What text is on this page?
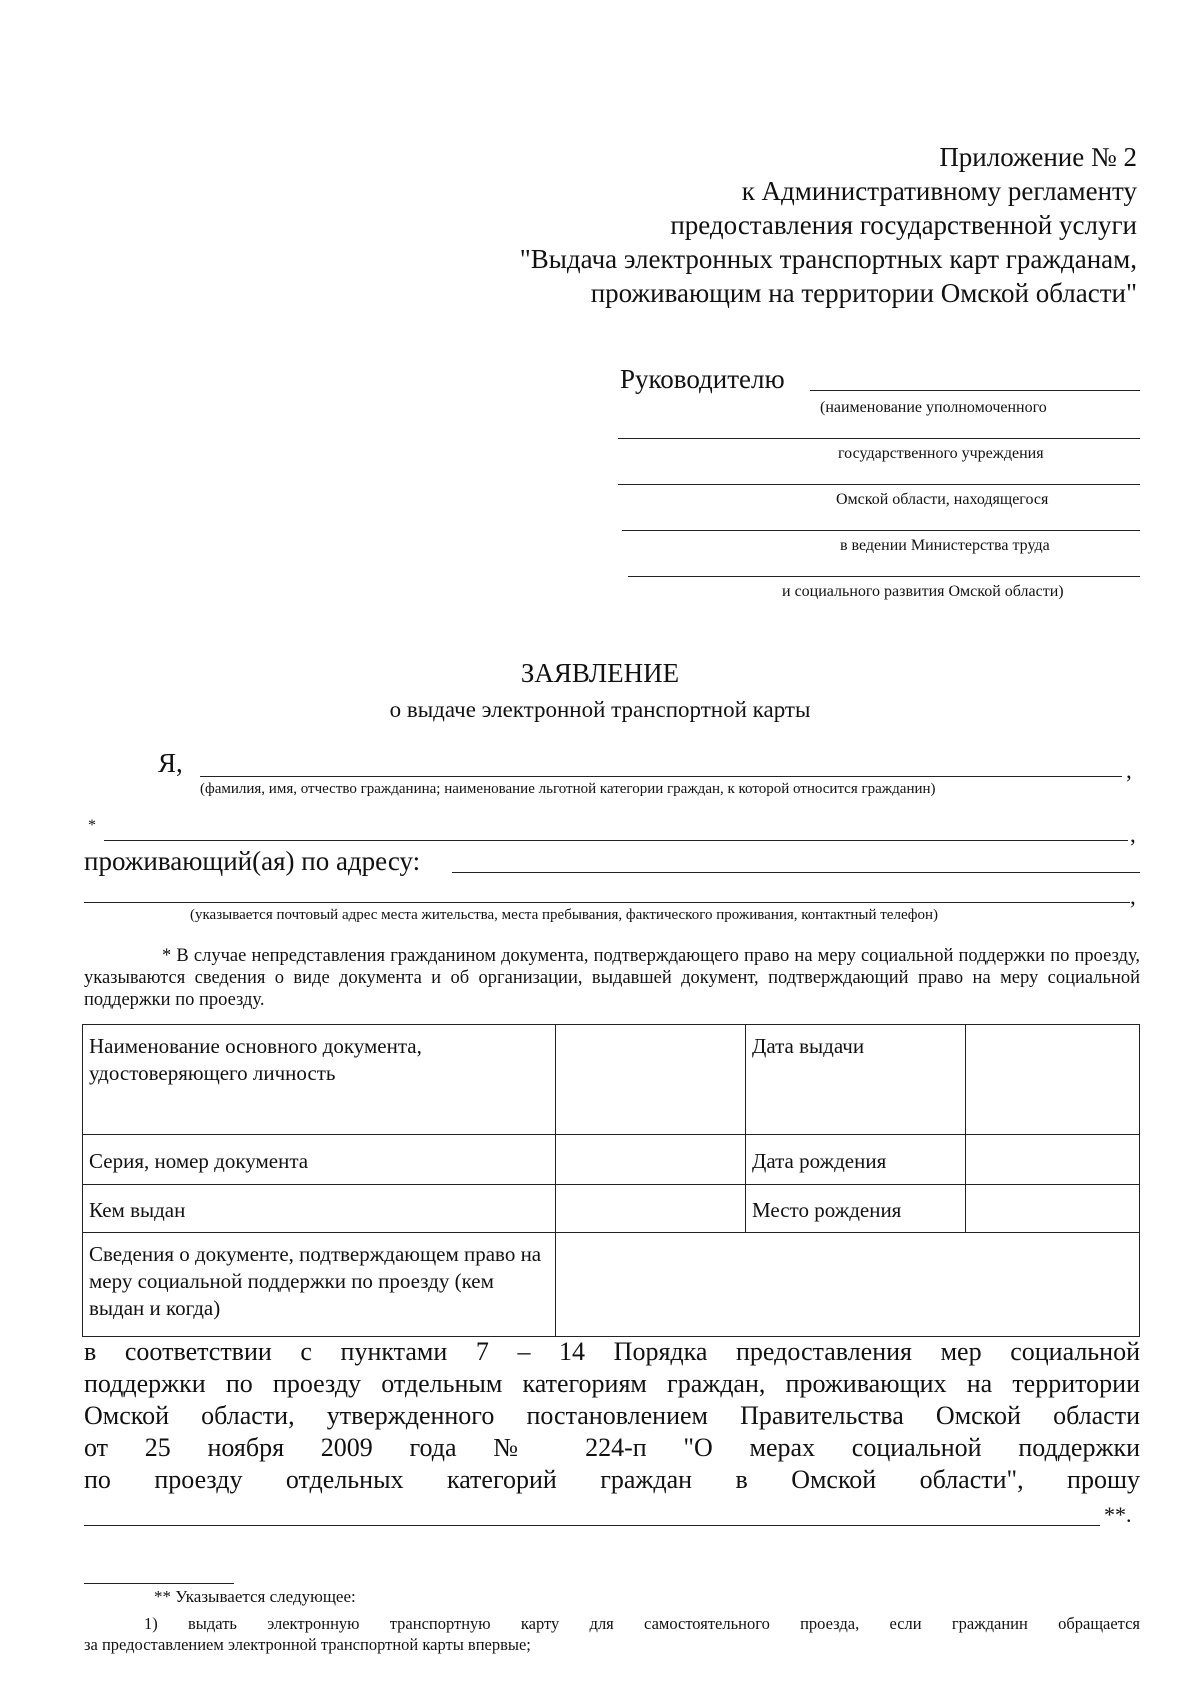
Приложение № 2
к Административному регламенту
предоставления государственной услуги
"Выдача электронных транспортных карт гражданам,
проживающим на территории Омской области"
Руководителю
(наименование уполномоченного
государственного учреждения
Омской области, находящегося
в ведении Министерства труда
и социального развития Омской области)
ЗАЯВЛЕНИЕ
о выдаче электронной транспортной карты
Я,	,
(фамилия, имя, отчество гражданина; наименование льготной категории граждан, к которой относится гражданин)
*	,
проживающий(ая) по адресу:
,
(указывается почтовый адрес места жительства, места пребывания, фактического проживания, контактный телефон)
* В случае непредставления гражданином документа, подтверждающего право на меру социальной поддержки по проезду, указываются сведения о виде документа и об организации, выдавшей документ, подтверждающий право на меру социальной поддержки по проезду.
Наименование основного документа, удостоверяющего личность		Дата выдачи	
Серия, номер документа		Дата рождения	
Кем выдан		Место рождения	
Сведения о документе, подтверждающем право на меру социальной поддержки по проезду (кем выдан и когда)			
в соответствии с пунктами 7 – 14 Порядка предоставления мер социальной
поддержки по проезду отдельным категориям граждан, проживающих на территории
Омской области, утвержденного постановлением Правительства Омской области
от 25 ноября 2009 года № 224-п "О мерах социальной поддержки
по проезду отдельных категорий граждан в Омской области", прошу
**.
** Указывается следующее:
1) выдать электронную транспортную карту для самостоятельного проезда, если гражданин обращается
за предоставлением электронной транспортной карты впервые;
